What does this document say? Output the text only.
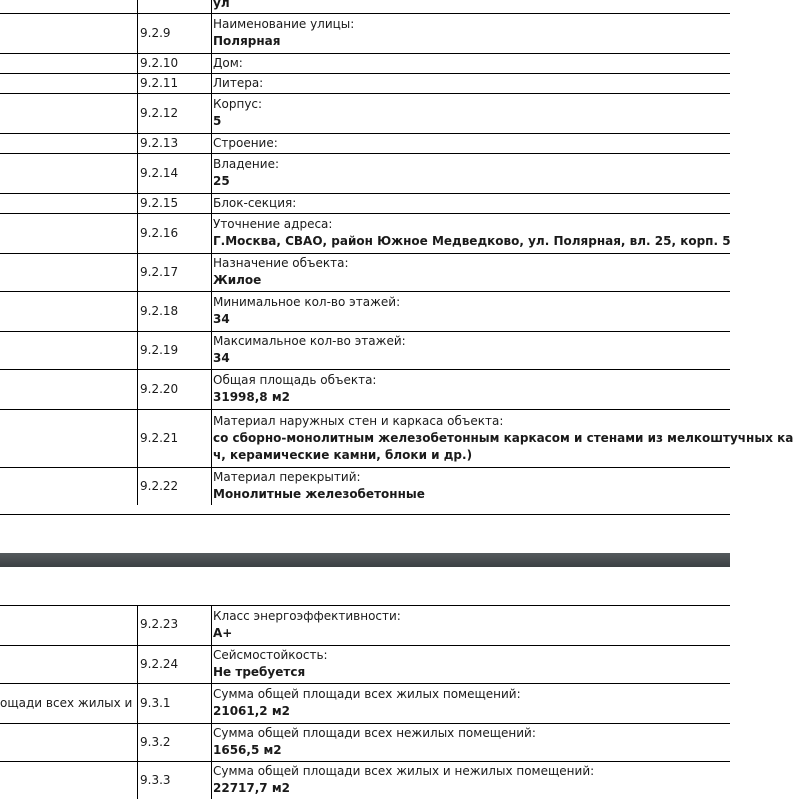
		ул

	9.2.9	Наименование улицы:
Полярная

	9.2.10	Дом:

	9.2.11	Литера:

	9.2.12	Корпус:
5

	9.2.13	Строение:

	9.2.14	Владение:
25

	9.2.15	Блок-секция:

	9.2.16	Уточнение адреса:
Г.Москва, СВАО, район Южное Медведково, ул. Полярная, вл. 25, корп. 5

	9.2.17	Назначение объекта:
Жилое

	9.2.18	Минимальное кол-во этажей:
34

	9.2.19	Максимальное кол-во этажей:
34

	9.2.20	Общая площадь объекта:
31998,8 м2

	9.2.21	Материал наружных стен и каркаса объекта:
со сборно-монолитным железобетонным каркасом и стенами из мелкоштучных ка
ч, керамические камни, блоки и др.)

	9.2.22	Материал перекрытий:
Монолитные железобетонные
	9.2.23	Класс энергоэффективности:
A+

	9.2.24	Сейсмостойкость:
Не требуется

ощади всех жилых и	9.3.1	Сумма общей площади всех жилых помещений:
21061,2 м2

	9.3.2	Сумма общей площади всех нежилых помещений:
1656,5 м2

	9.3.3	Сумма общей площади всех жилых и нежилых помещений:
22717,7 м2
